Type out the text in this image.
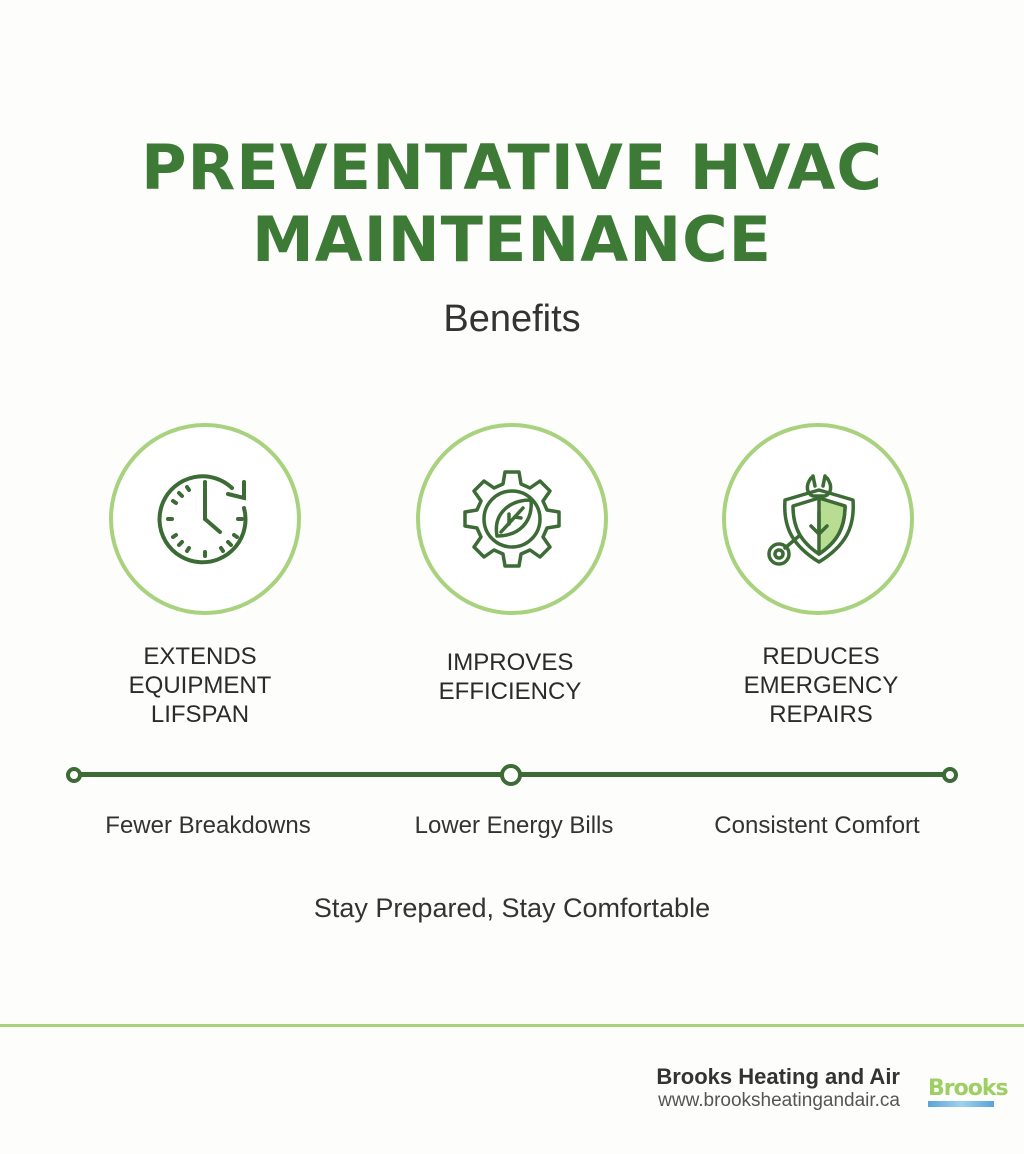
PREVENTATIVE HVAC
MAINTENANCE

Benefits

EXTENDS
EQUIPMENT
LIFSPAN

IMPROVES
EFFICIENCY

REDUCES
EMERGENCY
REPAIRS

Fewer Breakdowns	Lower Energy Bills	Consistent Comfort

Stay Prepared, Stay Comfortable

Brooks Heating and Air

www.brooksheatingandair.ca Brooks
